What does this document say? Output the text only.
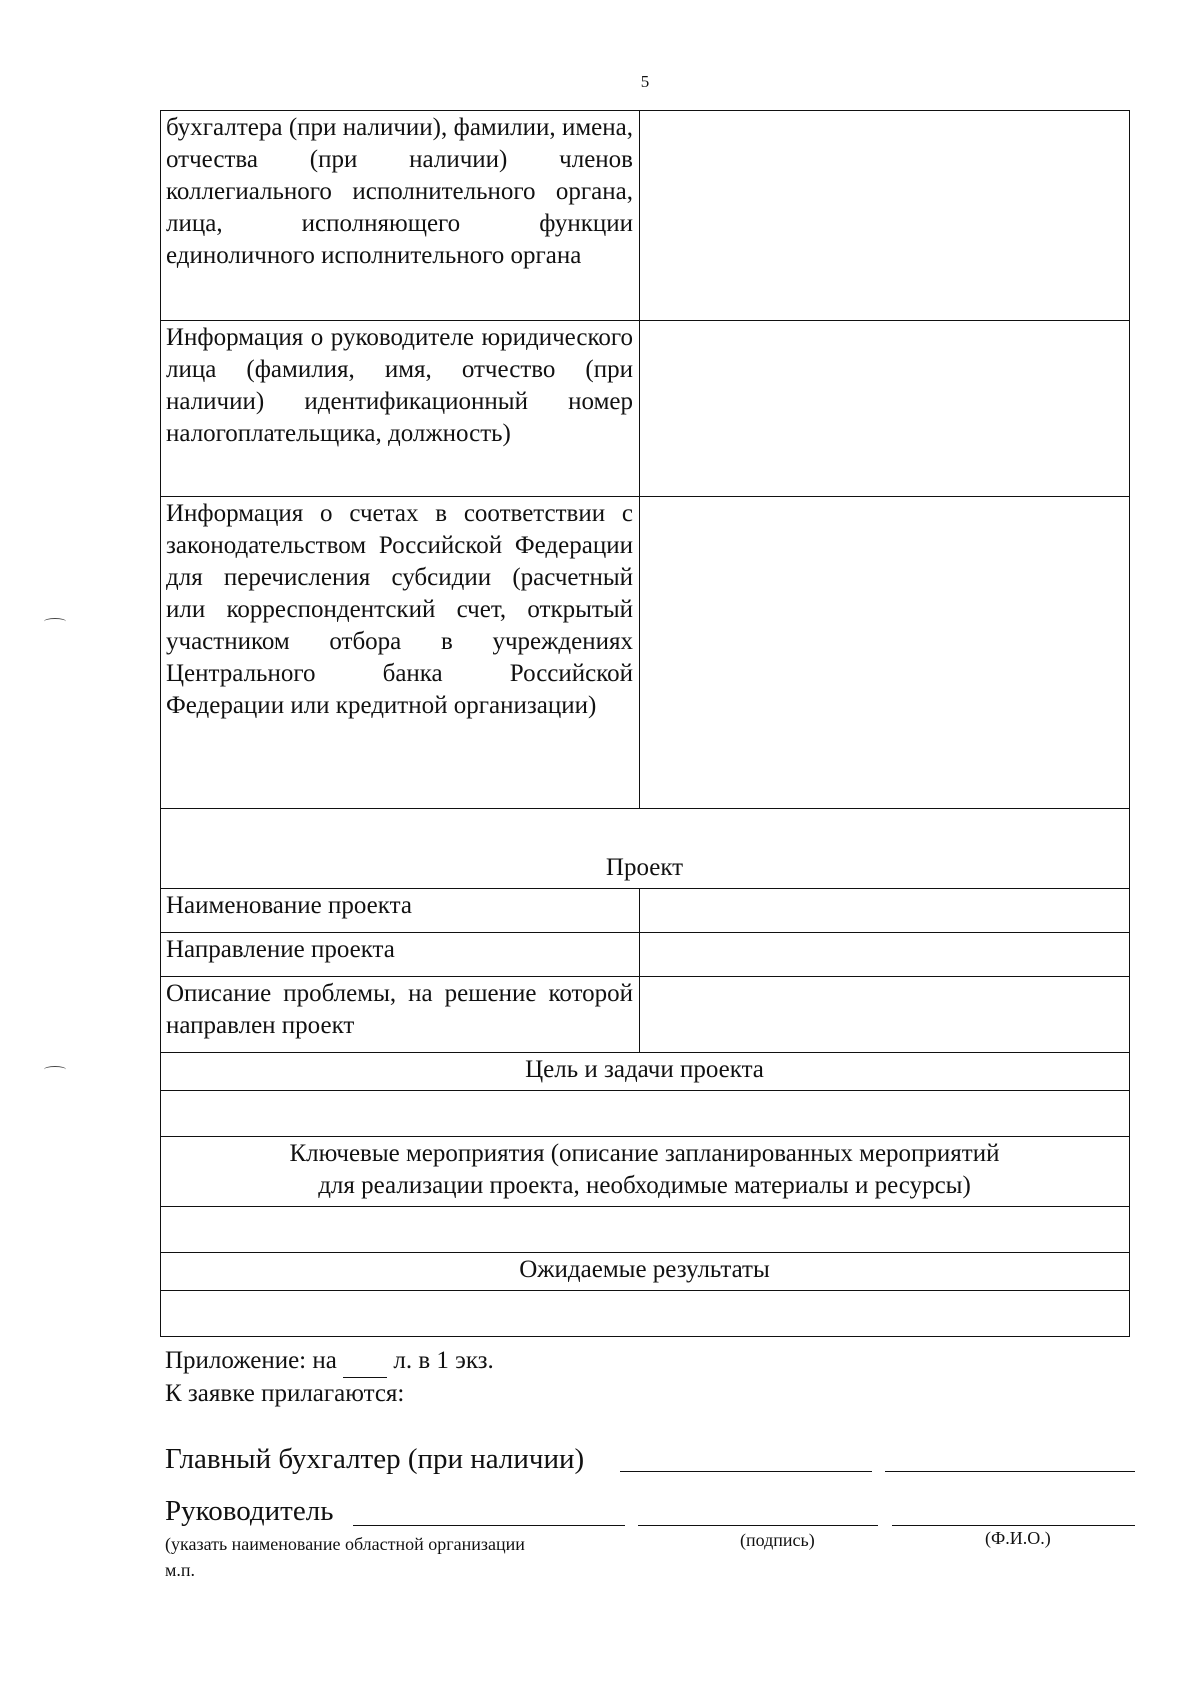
5
бухгалтера (при наличии), фамилии, имена, отчества (при наличии) членов коллегиального исполнительного органа, лица, исполняющего функции единоличного исполнительного органа	
Информация о руководителе юридического лица (фамилия, имя, отчество (при наличии) идентификационный номер налогоплательщика, должность)	
Информация о счетах в соответствии с законодательством Российской Федерации для перечисления субсидии (расчетный или корреспондентский счет, открытый участником отбора в учреждениях Центрального банка Российской Федерации или кредитной организации)	
Проект	
Наименование проекта	
Направление проекта	
Описание проблемы, на решение которой направлен проект	
Цель и задачи проекта	

Ключевые мероприятия (описание запланированных мероприятий
для реализации проекта, необходимые материалы и ресурсы)	

Ожидаемые результаты	

Приложение: на л. в 1 экз.
К заявке прилагаются:
Главный бухгалтер (при наличии)
Руководитель
(указать наименование областной организации	(подпись)	(Ф.И.О.)
м.п.
